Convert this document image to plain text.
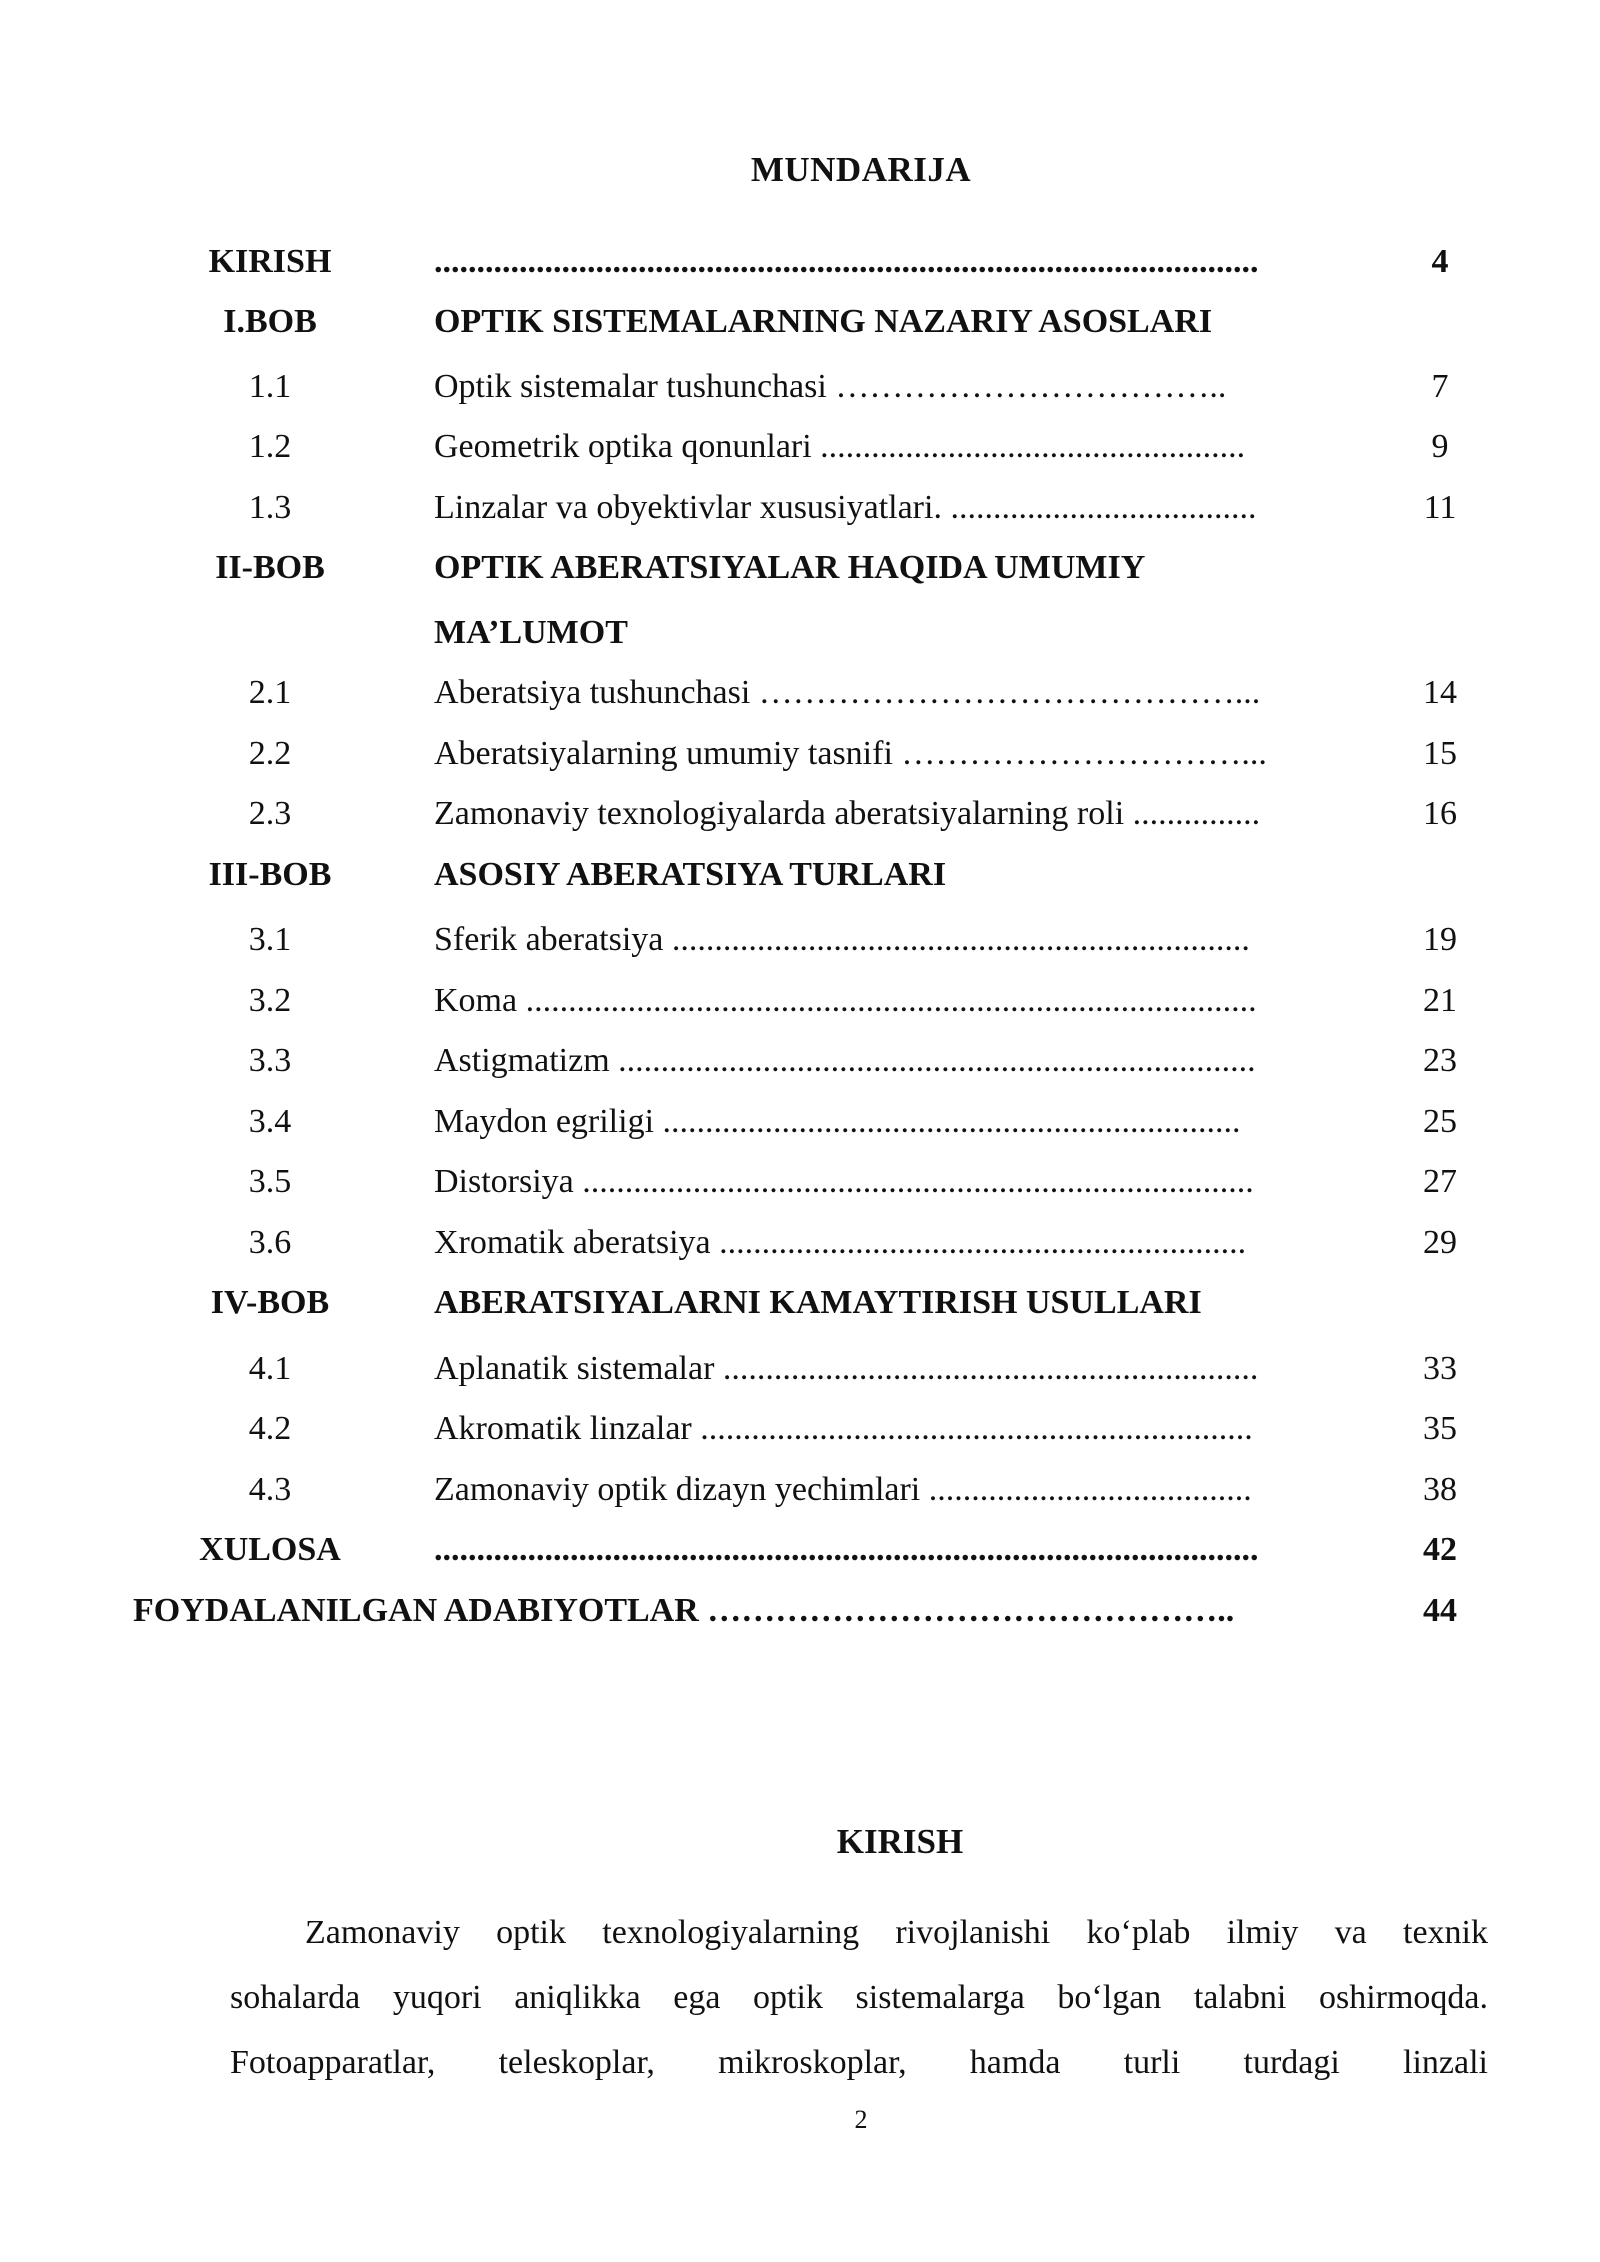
MUNDARIJA
KIRISH	.................................................................................................	4
I.BOB	OPTIK SISTEMALARNING NAZARIY ASOSLARI
1.1	Optik sistemalar tushunchasi ……………………………..	7
1.2	Geometrik optika qonunlari ..................................................	9
1.3	Linzalar va obyektivlar xususiyatlari. ....................................	11
II-BOB	OPTIK ABERATSIYALAR HAQIDA UMUMIY
MA’LUMOT
2.1	Aberatsiya tushunchasi ……………………………………...	14
2.2	Aberatsiyalarning umumiy tasnifi …………………………...	15
2.3	Zamonaviy texnologiyalarda aberatsiyalarning roli ...............	16
III-BOB	ASOSIY ABERATSIYA TURLARI
3.1	Sferik aberatsiya ....................................................................	19
3.2	Koma ......................................................................................	21
3.3	Astigmatizm ...........................................................................	23
3.4	Maydon egriligi ....................................................................	25
3.5	Distorsiya ...............................................................................	27
3.6	Xromatik aberatsiya ..............................................................	29
IV-BOB	ABERATSIYALARNI KAMAYTIRISH USULLARI
4.1	Aplanatik sistemalar ...............................................................	33
4.2	Akromatik linzalar .................................................................	35
4.3	Zamonaviy optik dizayn yechimlari ......................................	38
XULOSA	.................................................................................................	42
FOYDALANILGAN ADABIYOTLAR ………………………………………..	44
KIRISH
Zamonaviy optik texnologiyalarning rivojlanishi ko‘plab ilmiy va texnik
sohalarda yuqori aniqlikka ega optik sistemalarga bo‘lgan talabni oshirmoqda.
Fotoapparatlar, teleskoplar, mikroskoplar, hamda turli turdagi linzali
2
